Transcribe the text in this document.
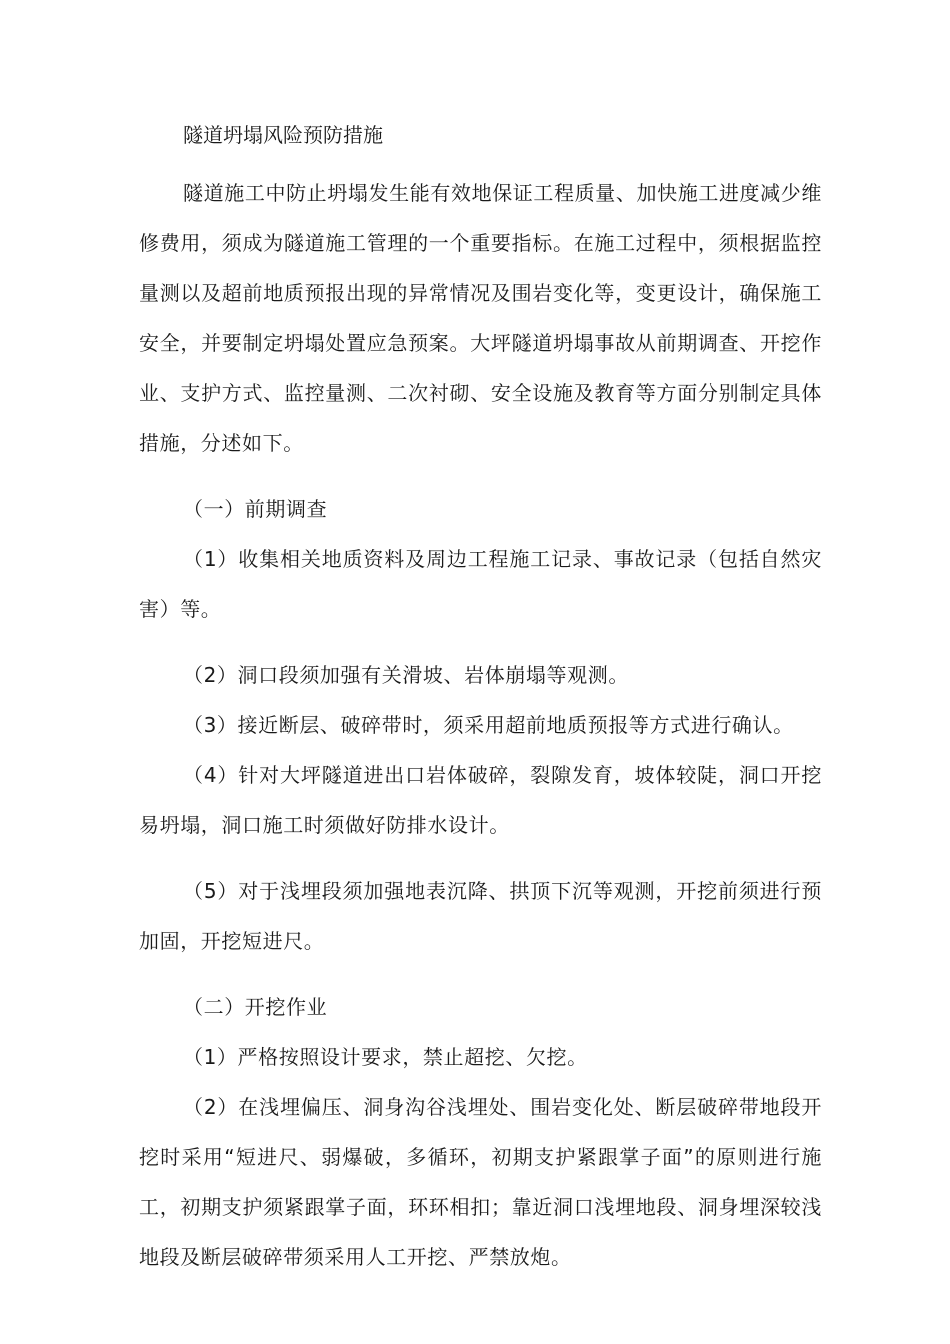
隧道坍塌风险预防措施

隧道施工中防止坍塌发生能有效地保证工程质量、加快施工进度减少维修费用，须成为隧道施工管理的一个重要指标。在施工过程中，须根据监控量测以及超前地质预报出现的异常情况及围岩变化等，变更设计，确保施工安全，并要制定坍塌处置应急预案。大坪隧道坍塌事故从前期调查、开挖作业、支护方式、监控量测、二次衬砌、安全设施及教育等方面分别制定具体措施，分述如下。

（一）前期调查

（1）收集相关地质资料及周边工程施工记录、事故记录（包括自然灾害）等。

（2）洞口段须加强有关滑坡、岩体崩塌等观测。

（3）接近断层、破碎带时，须采用超前地质预报等方式进行确认。

（4）针对大坪隧道进出口岩体破碎，裂隙发育，坡体较陡，洞口开挖易坍塌，洞口施工时须做好防排水设计。

（5）对于浅埋段须加强地表沉降、拱顶下沉等观测，开挖前须进行预加固，开挖短进尺。

（二）开挖作业

（1）严格按照设计要求，禁止超挖、欠挖。

（2）在浅埋偏压、洞身沟谷浅埋处、围岩变化处、断层破碎带地段开挖时采用“短进尺、弱爆破，多循环，初期支护紧跟掌子面”的原则进行施工，初期支护须紧跟掌子面，环环相扣；靠近洞口浅埋地段、洞身埋深较浅地段及断层破碎带须采用人工开挖、严禁放炮。
